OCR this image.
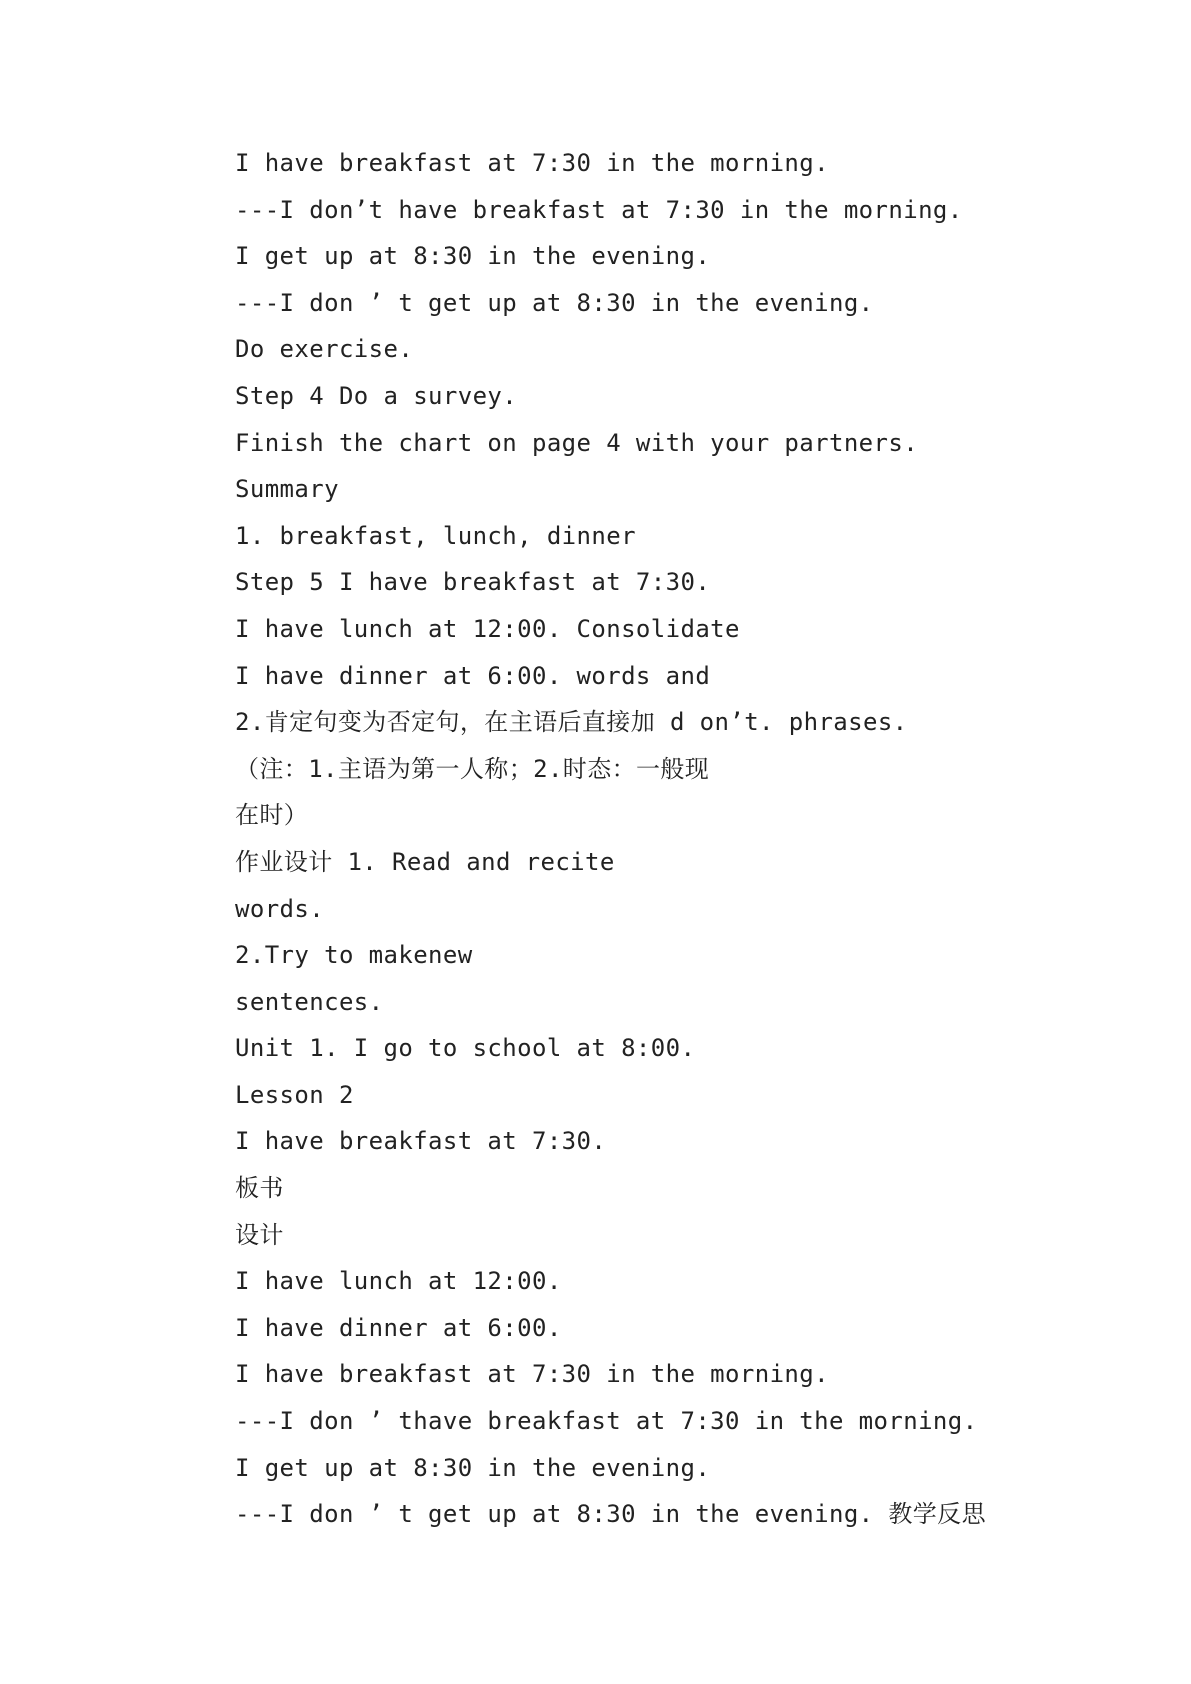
I have breakfast at 7:30 in the morning.
---I don’t have breakfast at 7:30 in the morning.
I get up at 8:30 in the evening.
---I don ’ t get up at 8:30 in the evening.
Do exercise.
Step 4 Do a survey.
Finish the chart on page 4 with your partners.
Summary
1. breakfast, lunch, dinner
Step 5 I have breakfast at 7:30.
I have lunch at 12:00. Consolidate
I have dinner at 6:00. words and
2.肯定句变为否定句，在主语后直接加 d on’t. phrases.
（注：1.主语为第一人称；2.时态：一般现
在时）
作业设计 1. Read and recite
words.
2.Try to makenew
sentences.
Unit 1. I go to school at 8:00.
Lesson 2
I have breakfast at 7:30.
板书
设计
I have lunch at 12:00.
I have dinner at 6:00.
I have breakfast at 7:30 in the morning.
---I don ’ thave breakfast at 7:30 in the morning.
I get up at 8:30 in the evening.
---I don ’ t get up at 8:30 in the evening. 教学反思
